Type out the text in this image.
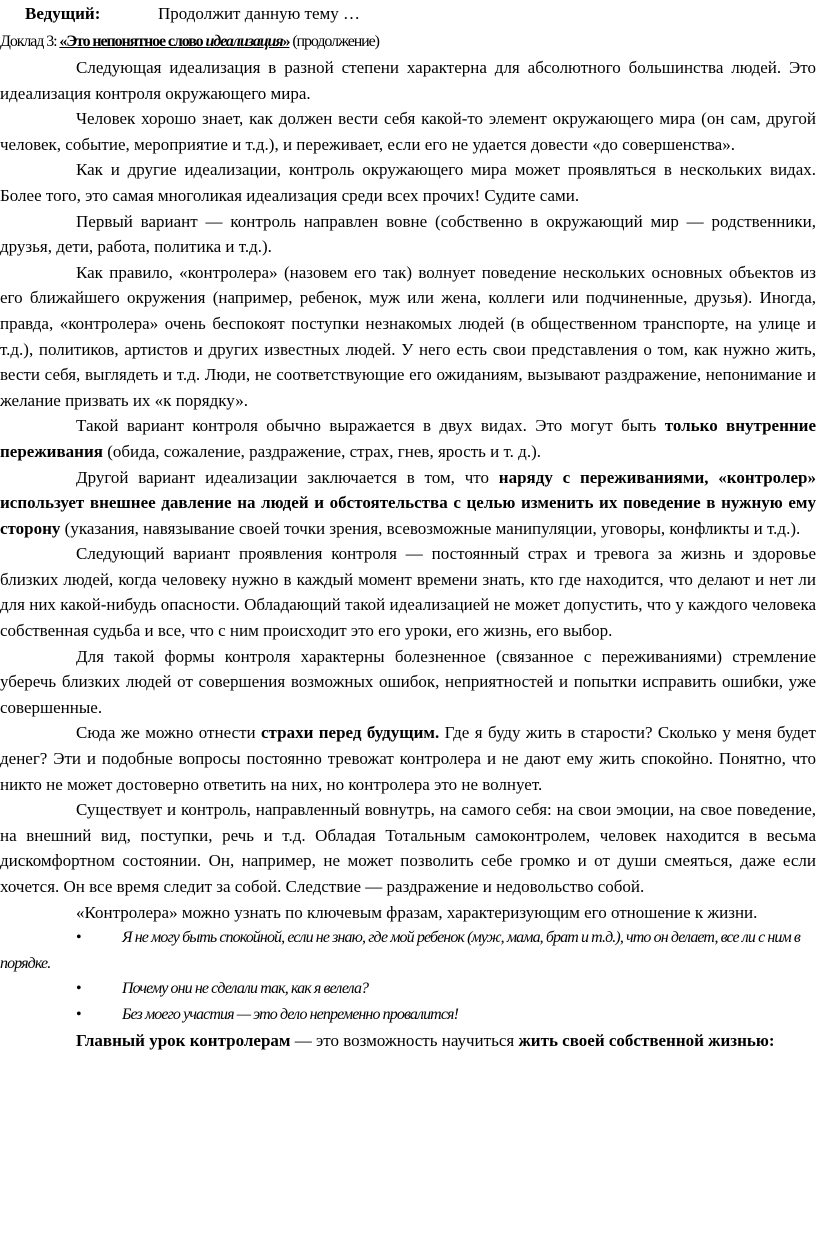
Ведущий:	Продолжит данную тему …
Доклад 3: «Это непонятное слово идеализация» (продолжение)

Следующая идеализация в разной степени характерна для абсолютного большинства людей. Это идеализация контроля окружающего мира.

Человек хорошо знает, как должен вести себя какой-то элемент окружающего мира (он сам, другой человек, событие, мероприятие и т.д.), и переживает, если его не удается довести «до совершенства».

Как и другие идеализации, контроль окружающего мира может проявляться в нескольких видах. Более того, это самая многоликая идеализация среди всех прочих! Судите сами.

Первый вариант — контроль направлен вовне (собственно в окружающий мир — родственники, друзья, дети, работа, политика и т.д.).

Как правило, «контролера» (назовем его так) волнует поведение нескольких основных объектов из его ближайшего окружения (например, ребенок, муж или жена, коллеги или подчиненные, друзья). Иногда, правда, «контролера» очень беспокоят поступки незнакомых людей (в общественном транспорте, на улице и т.д.), политиков, артистов и других известных людей. У него есть свои представления о том, как нужно жить, вести себя, выглядеть и т.д. Люди, не соответствующие его ожиданиям, вызывают раздражение, непонимание и желание призвать их «к порядку».

Такой вариант контроля обычно выражается в двух видах. Это могут быть только внутренние переживания (обида, сожаление, раздражение, страх, гнев, ярость и т. д.).

Другой вариант идеализации заключается в том, что наряду с переживаниями, «контролер» использует внешнее давление на людей и обстоятельства с целью изменить их поведение в нужную ему сторону (указания, навязывание своей точки зрения, всевозможные манипуляции, уговоры, конфликты и т.д.).

Следующий вариант проявления контроля — постоянный страх и тревога за жизнь и здоровье близких людей, когда человеку нужно в каждый момент времени знать, кто где находится, что делают и нет ли для них какой-нибудь опасности. Обладающий такой идеализацией не может допустить, что у каждого человека собственная судьба и все, что с ним происходит это его уроки, его жизнь, его выбор.

Для такой формы контроля характерны болезненное (связанное с переживаниями) стремление уберечь близких людей от совершения возможных ошибок, неприятностей и попытки исправить ошибки, уже совершенные.

Сюда же можно отнести страхи перед будущим. Где я буду жить в старости? Сколько у меня будет денег? Эти и подобные вопросы постоянно тревожат контролера и не дают ему жить спокойно. Понятно, что никто не может достоверно ответить на них, но контролера это не волнует.

Существует и контроль, направленный вовнутрь, на самого себя: на свои эмоции, на свое поведение, на внешний вид, поступки, речь и т.д. Обладая Тотальным самоконтролем, человек находится в весьма дискомфортном состоянии. Он, например, не может позволить себе громко и от души смеяться, даже если хочется. Он все время следит за собой. Следствие — раздражение и недовольство собой.

«Контролера» можно узнать по ключевым фразам, характеризующим его отношение к жизни.

•	Я не могу быть спокойной, если не знаю, где мой ребенок (муж, мама, брат и т.д.), что он делает, все ли с ним в порядке.
•	Почему они не сделали так, как я велела?
•	Без моего участия — это дело непременно провалится!

Главный урок контролерам — это возможность научиться жить своей собственной жизнью:
